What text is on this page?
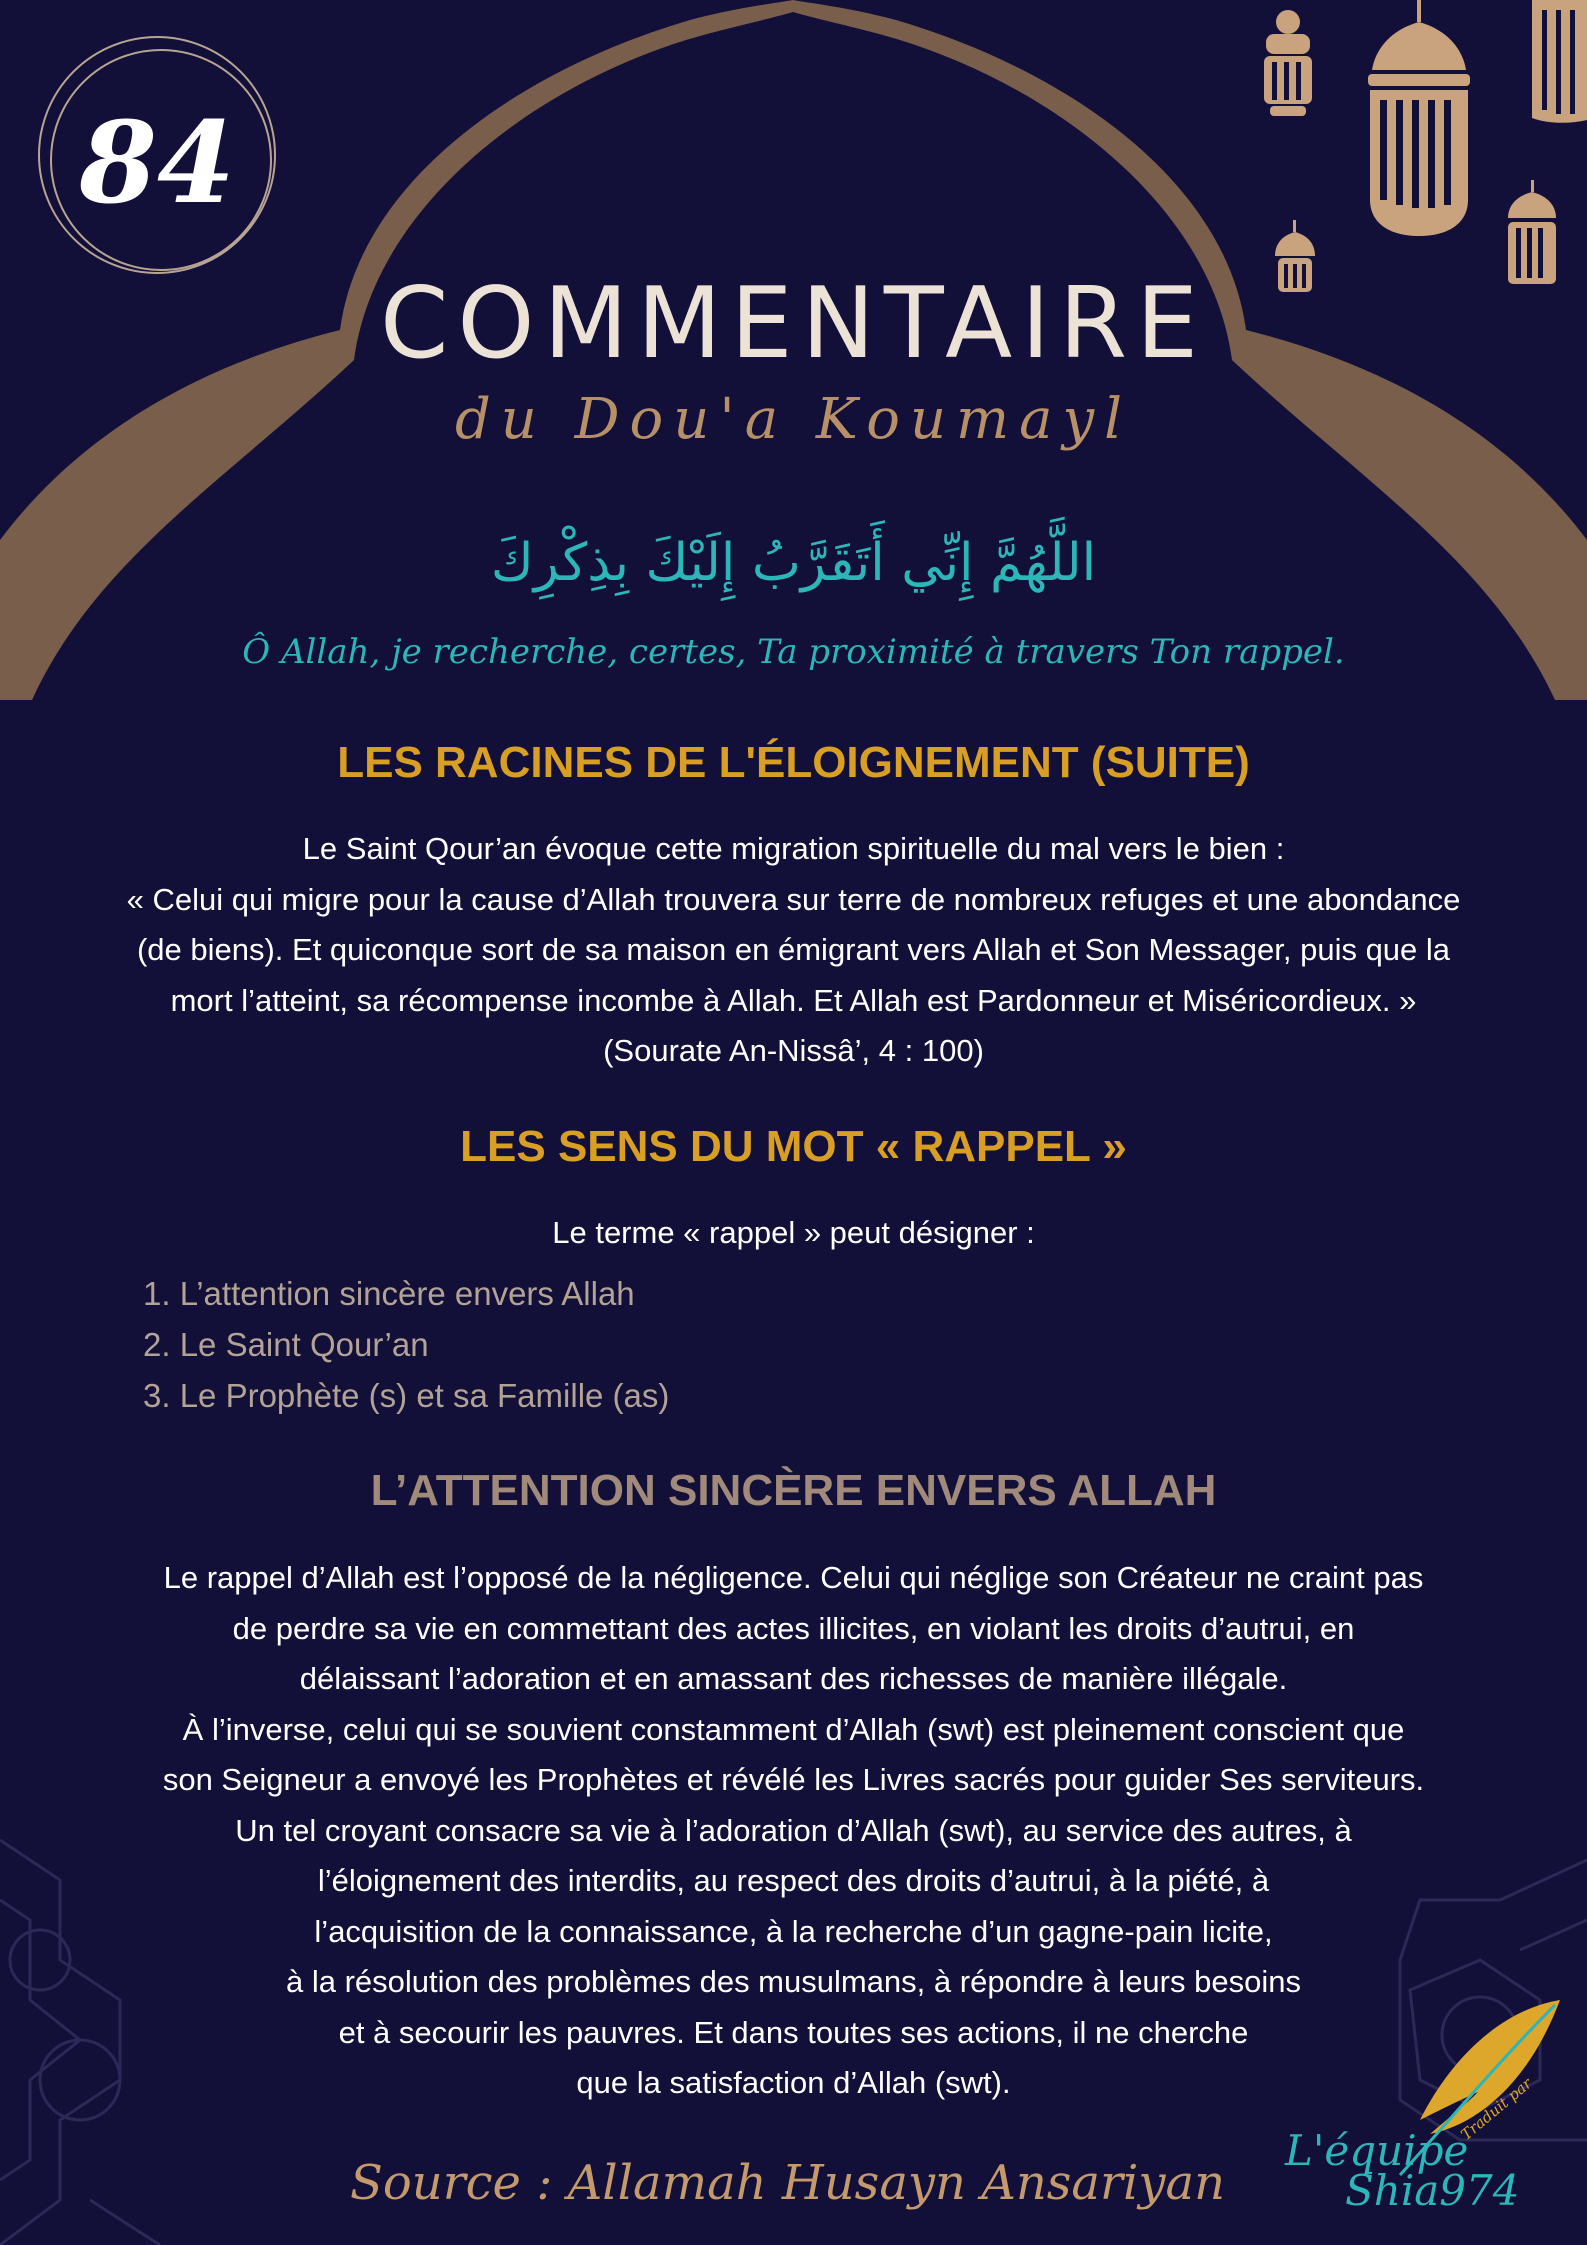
84
COMMENTAIRE
du Dou'a Koumayl
اللَّهُمَّ إِنِّي أَتَقَرَّبُ إِلَيْكَ بِذِكْرِكَ
Ô Allah, je recherche, certes, Ta proximité à travers Ton rappel.
LES RACINES DE L'ÉLOIGNEMENT (SUITE)
Le Saint Qour’an évoque cette migration spirituelle du mal vers le bien :
« Celui qui migre pour la cause d’Allah trouvera sur terre de nombreux refuges et une abondance
(de biens). Et quiconque sort de sa maison en émigrant vers Allah et Son Messager, puis que la
mort l’atteint, sa récompense incombe à Allah. Et Allah est Pardonneur et Miséricordieux. »
(Sourate An-Nissâ’, 4 : 100)
LES SENS DU MOT « RAPPEL »
Le terme « rappel » peut désigner :
1. L’attention sincère envers Allah
2. Le Saint Qour’an
3. Le Prophète (s) et sa Famille (as)
L’ATTENTION SINCÈRE ENVERS ALLAH
Le rappel d’Allah est l’opposé de la négligence. Celui qui néglige son Créateur ne craint pas
de perdre sa vie en commettant des actes illicites, en violant les droits d’autrui, en
délaissant l’adoration et en amassant des richesses de manière illégale.
À l’inverse, celui qui se souvient constamment d’Allah (swt) est pleinement conscient que
son Seigneur a envoyé les Prophètes et révélé les Livres sacrés pour guider Ses serviteurs.
Un tel croyant consacre sa vie à l’adoration d’Allah (swt), au service des autres, à
l’éloignement des interdits, au respect des droits d’autrui, à la piété, à
l’acquisition de la connaissance, à la recherche d’un gagne-pain licite,
à la résolution des problèmes des musulmans, à répondre à leurs besoins
et à secourir les pauvres. Et dans toutes ses actions, il ne cherche
que la satisfaction d’Allah (swt).
Source : Allamah Husayn Ansariyan
Traduit par
L'équipe
Shia974
